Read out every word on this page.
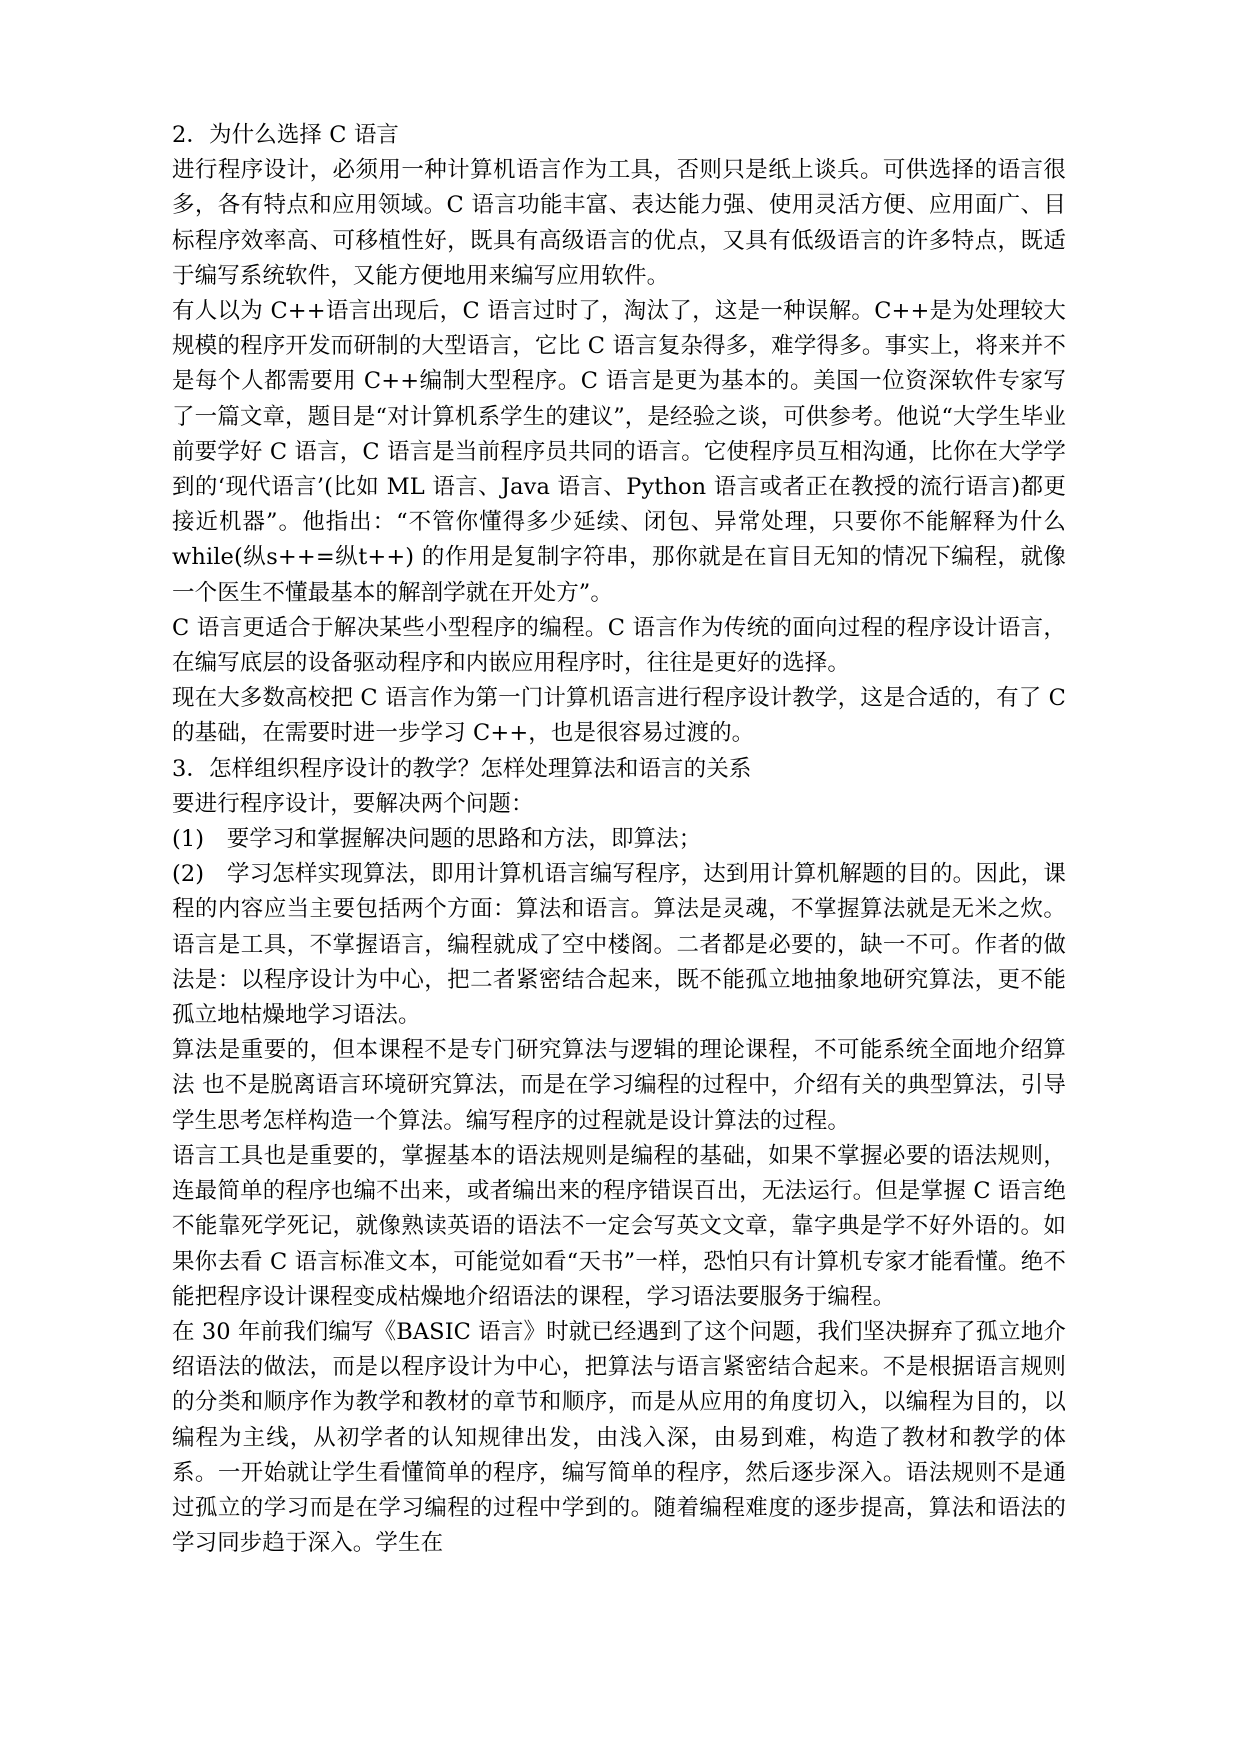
2．为什么选择 C 语言

进行程序设计，必须用一种计算机语言作为工具，否则只是纸上谈兵。可供选择的语言很多，各有特点和应用领域。C 语言功能丰富、表达能力强、使用灵活方便、应用面广、目标程序效率高、可移植性好，既具有高级语言的优点，又具有低级语言的许多特点，既适于编写系统软件，又能方便地用来编写应用软件。

有人以为 C++语言出现后，C 语言过时了，淘汰了，这是一种误解。C++是为处理较大规模的程序开发而研制的大型语言，它比 C 语言复杂得多，难学得多。事实上，将来并不是每个人都需要用 C++编制大型程序。C 语言是更为基本的。美国一位资深软件专家写了一篇文章，题目是“对计算机系学生的建议”，是经验之谈，可供参考。他说“大学生毕业前要学好 C 语言，C 语言是当前程序员共同的语言。它使程序员互相沟通，比你在大学学到的‘现代语言’(比如 ML 语言、Java 语言、Python 语言或者正在教授的流行语言)都更接近机器”。他指出：“不管你懂得多少延续、闭包、异常处理，只要你不能解释为什么 while(纵s++=纵t++) 的作用是复制字符串，那你就是在盲目无知的情况下编程，就像一个医生不懂最基本的解剖学就在开处方”。

C 语言更适合于解决某些小型程序的编程。C 语言作为传统的面向过程的程序设计语言，在编写底层的设备驱动程序和内嵌应用程序时，往往是更好的选择。

现在大多数高校把 C 语言作为第一门计算机语言进行程序设计教学，这是合适的，有了 C 的基础，在需要时进一步学习 C++，也是很容易过渡的。

3．怎样组织程序设计的教学？怎样处理算法和语言的关系

要进行程序设计，要解决两个问题：

(1)　要学习和掌握解决问题的思路和方法，即算法；

(2)　学习怎样实现算法，即用计算机语言编写程序，达到用计算机解题的目的。因此，课程的内容应当主要包括两个方面：算法和语言。算法是灵魂，不掌握算法就是无米之炊。语言是工具，不掌握语言，编程就成了空中楼阁。二者都是必要的，缺一不可。作者的做法是：以程序设计为中心，把二者紧密结合起来，既不能孤立地抽象地研究算法，更不能孤立地枯燥地学习语法。

算法是重要的，但本课程不是专门研究算法与逻辑的理论课程，不可能系统全面地介绍算法 也不是脱离语言环境研究算法，而是在学习编程的过程中，介绍有关的典型算法，引导学生思考怎样构造一个算法。编写程序的过程就是设计算法的过程。

语言工具也是重要的，掌握基本的语法规则是编程的基础，如果不掌握必要的语法规则，连最简单的程序也编不出来，或者编出来的程序错误百出，无法运行。但是掌握 C 语言绝不能靠死学死记，就像熟读英语的语法不一定会写英文文章，靠字典是学不好外语的。如果你去看 C 语言标准文本，可能觉如看“天书”一样，恐怕只有计算机专家才能看懂。绝不能把程序设计课程变成枯燥地介绍语法的课程，学习语法要服务于编程。

在 30 年前我们编写《BASIC 语言》时就已经遇到了这个问题，我们坚决摒弃了孤立地介绍语法的做法，而是以程序设计为中心，把算法与语言紧密结合起来。不是根据语言规则的分类和顺序作为教学和教材的章节和顺序，而是从应用的角度切入，以编程为目的，以编程为主线，从初学者的认知规律出发，由浅入深，由易到难，构造了教材和教学的体系。一开始就让学生看懂简单的程序，编写简单的程序，然后逐步深入。语法规则不是通过孤立的学习而是在学习编程的过程中学到的。随着编程难度的逐步提高，算法和语法的学习同步趋于深入。学生在
